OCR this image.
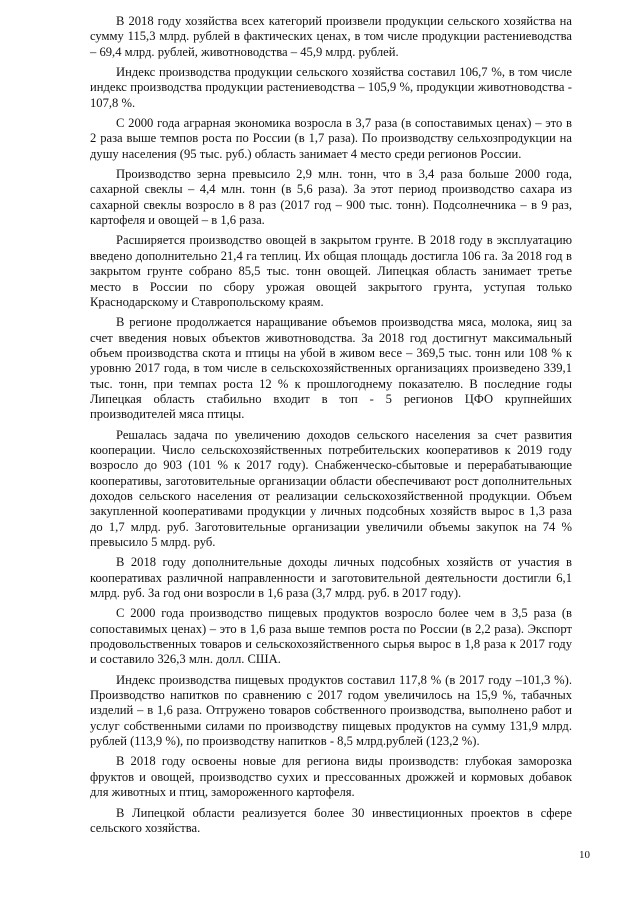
В 2018 году хозяйства всех категорий произвели продукции сельского хозяйства на сумму 115,3 млрд. рублей в фактических ценах, в том числе продукции растениеводства – 69,4 млрд. рублей, животноводства – 45,9 млрд. рублей.

Индекс производства продукции сельского хозяйства составил 106,7 %, в том числе индекс производства продукции растениеводства – 105,9 %, продукции животноводства - 107,8 %.

С 2000 года аграрная экономика возросла в 3,7 раза (в сопоставимых ценах) – это в 2 раза выше темпов роста по России (в 1,7 раза). По производству сельхозпродукции на душу населения (95 тыс. руб.) область занимает 4 место среди регионов России.

Производство зерна превысило 2,9 млн. тонн, что в 3,4 раза больше 2000 года, сахарной свеклы – 4,4 млн. тонн (в 5,6 раза). За этот период производство сахара из сахарной свеклы возросло в 8 раз (2017 год – 900 тыс. тонн). Подсолнечника – в 9 раз, картофеля и овощей – в 1,6 раза.

Расширяется производство овощей в закрытом грунте. В 2018 году в эксплуатацию введено дополнительно 21,4 га теплиц. Их общая площадь достигла 106 га. За 2018 год в закрытом грунте собрано 85,5 тыс. тонн овощей. Липецкая область занимает третье место в России по сбору урожая овощей закрытого грунта, уступая только Краснодарскому и Ставропольскому краям.

В регионе продолжается наращивание объемов производства мяса, молока, яиц за счет введения новых объектов животноводства. За 2018 год достигнут максимальный объем производства скота и птицы на убой в живом весе – 369,5 тыс. тонн или 108 % к уровню 2017 года, в том числе в сельскохозяйственных организациях произведено 339,1 тыс. тонн, при темпах роста 12 % к прошлогоднему показателю. В последние годы Липецкая область стабильно входит в топ - 5 регионов ЦФО крупнейших производителей мяса птицы.

Решалась задача по увеличению доходов сельского населения за счет развития кооперации. Число сельскохозяйственных потребительских кооперативов к 2019 году возросло до 903 (101 % к 2017 году). Снабженческо-сбытовые и перерабатывающие кооперативы, заготовительные организации области обеспечивают рост дополнительных доходов сельского населения от реализации сельскохозяйственной продукции. Объем закупленной кооперативами продукции у личных подсобных хозяйств вырос в 1,3 раза до 1,7 млрд. руб. Заготовительные организации увеличили объемы закупок на 74 % превысило 5 млрд. руб.

В 2018 году дополнительные доходы личных подсобных хозяйств от участия в кооперативах различной направленности и заготовительной деятельности достигли 6,1 млрд. руб. За год они возросли в 1,6 раза (3,7 млрд. руб. в 2017 году).

С 2000 года производство пищевых продуктов возросло более чем в 3,5 раза (в сопоставимых ценах) – это в 1,6 раза выше темпов роста по России (в 2,2 раза). Экспорт продовольственных товаров и сельскохозяйственного сырья вырос в 1,8 раза к 2017 году и составило 326,3 млн. долл. США.

Индекс производства пищевых продуктов составил 117,8 % (в 2017 году –101,3 %). Производство напитков по сравнению с 2017 годом увеличилось на 15,9 %, табачных изделий – в 1,6 раза. Отгружено товаров собственного производства, выполнено работ и услуг собственными силами по производству пищевых продуктов на сумму 131,9 млрд. рублей (113,9 %), по производству напитков - 8,5 млрд.рублей (123,2 %).

В 2018 году освоены новые для региона виды производств: глубокая заморозка фруктов и овощей, производство сухих и прессованных дрожжей и кормовых добавок для животных и птиц, замороженного картофеля.

В Липецкой области реализуется более 30 инвестиционных проектов в сфере сельского хозяйства.

10
